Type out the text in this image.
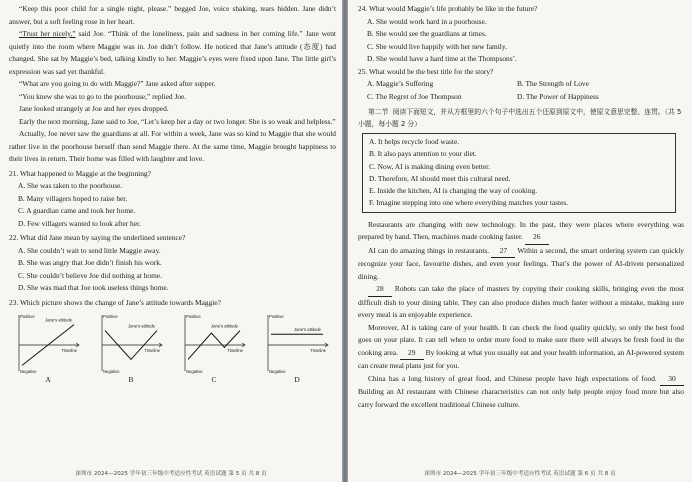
“Keep this poor child for a single night, please.” begged Joe, voice shaking, tears hidden. Jane didn’t answer, but a soft feeling rose in her heart.

“Trust her nicely,” said Joe. “Think of the loneliness, pain and sadness in her coming life.” Jane went quietly into the room where Maggie was in. Joe didn’t follow. He noticed that Jane’s attitude (态度) had changed. She sat by Maggie’s bed, talking kindly to her. Maggie’s eyes were fixed upon Jane. The little girl’s expression was sad yet thankful.

“What are you going to do with Maggie?” Jane asked after supper.

“You knew she was to go to the poorhouse,” replied Joe.

Jane looked strangely at Joe and her eyes dropped.

Early the next morning, Jane said to Joe, “Let’s keep her a day or two longer. She is so weak and helpless.”

Actually, Joe never saw the guardians at all. For within a week, Jane was so kind to Maggie that she would rather live in the poorhouse herself than send Maggie there. At the same time, Maggie brought happiness to their lives in return. Their home was filled with laughter and love.

21. What happened to Maggie at the beginning?
A. She was taken to the poorhouse.
B. Many villagers hoped to raise her.
C. A guardian came and took her home.
D. Few villagers wanted to look after her.
22. What did Jane mean by saying the underlined sentence?
A. She couldn’t wait to send little Maggie away.
B. She was angry that Joe didn’t finish his work.
C. She couldn’t believe Joe did nothing at home.
D. She was mad that Joe took useless things home.
23. Which picture shows the change of Jane’s attitude towards Maggie?
Positive
Negative
Timeline
Jane’s attitude
A
Positive
Negative
Timeline
Jane’s attitude
B
Positive
Negative
Timeline
Jane’s attitude
C
Positive
Negative
Timeline
Jane’s attitude
D
深圳市 2024—2025 学年初三年级中考适应性考试 英语试题 第 5 页 共 8 页
24. What would Maggie’s life probably be like in the future?
A. She would work hard in a poorhouse.
B. She would see the guardians at times.
C. She would live happily with her new family.
D. She would have a hard time at the Thompsons’.
25. What would be the best title for the story?
A. Maggie’s Suffering	B. The Strength of Love
C. The Regret of Joe Thompson	D. The Power of Happiness

第二节 阅读下面短文，并从方框里的六个句子中选出五个还原到原文中，使原文意思完整、连贯。（共 5 小题，每小题 2 分）

A. It helps recycle food waste.
B. It also pays attention to your diet.
C. Now, AI is making dining even better.
D. Therefore, AI should meet this cultural need.
E. Inside the kitchen, AI is changing the way of cooking.
F. Imagine stepping into one where everything matches your tastes.

Restaurants are changing with new technology. In the past, they were places where everything was prepared by hand. Then, machines made cooking faster. 26

AI can do amazing things in restaurants. 27 Within a second, the smart ordering system can quickly recognize your face, favourite dishes, and even your feelings. That’s the power of AI-driven personalized dining.

28 Robots can take the place of masters by copying their cooking skills, bringing even the most difficult dish to your dining table. They can also produce dishes much faster without a mistake, making sure every meal is an enjoyable experience.

Moreover, AI is taking care of your health. It can check the food quality quickly, so only the best food goes on your plate. It can tell when to order more food to make sure there will always be fresh food in the cooking area. 29 By looking at what you usually eat and your health information, an AI-powered system can create meal plans just for you.

China has a long history of great food, and Chinese people have high expectations of food. 30 Building an AI restaurant with Chinese characteristics can not only help people enjoy food more but also carry forward the excellent traditional Chinese culture.

深圳市 2024—2025 学年初三年级中考适应性考试 英语试题 第 6 页 共 8 页
